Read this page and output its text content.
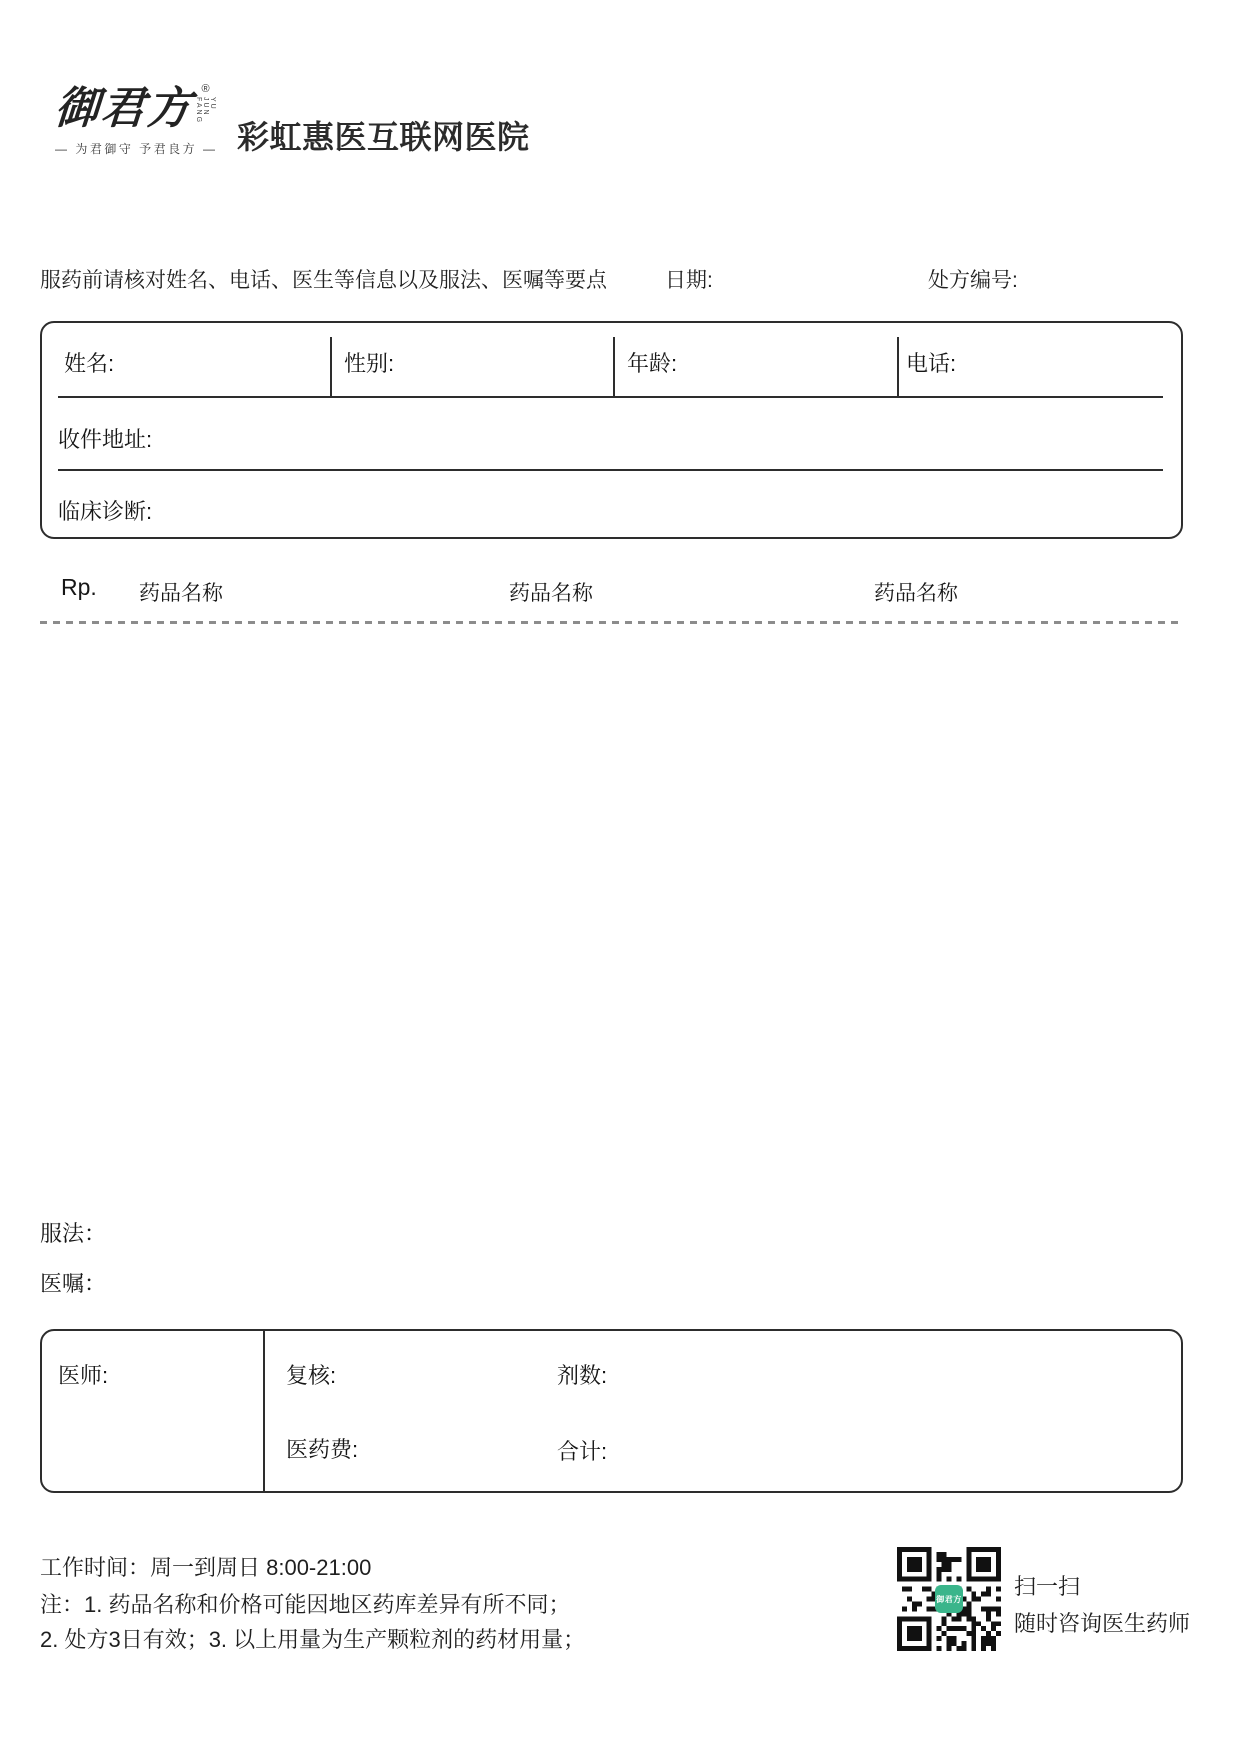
御君方 ®
YU JUN FANG
— 为君御守 予君良方 — 彩虹惠医互联网医院
服药前请核对姓名、电话、医生等信息以及服法、医嘱等要点	日期:	处方编号:
姓名:	性别:	年龄:	电话:
收件地址:
临床诊断:
Rp. 药品名称	药品名称	药品名称
服法：
医嘱：
医师:	复核:	剂数:
医药费:	合计:
工作时间：周一到周日 8:00-21:00
注：1. 药品名称和价格可能因地区药库差异有所不同；
2. 处方3日有效；3. 以上用量为生产颗粒剂的药材用量；
御君方 扫一扫
随时咨询医生药师
